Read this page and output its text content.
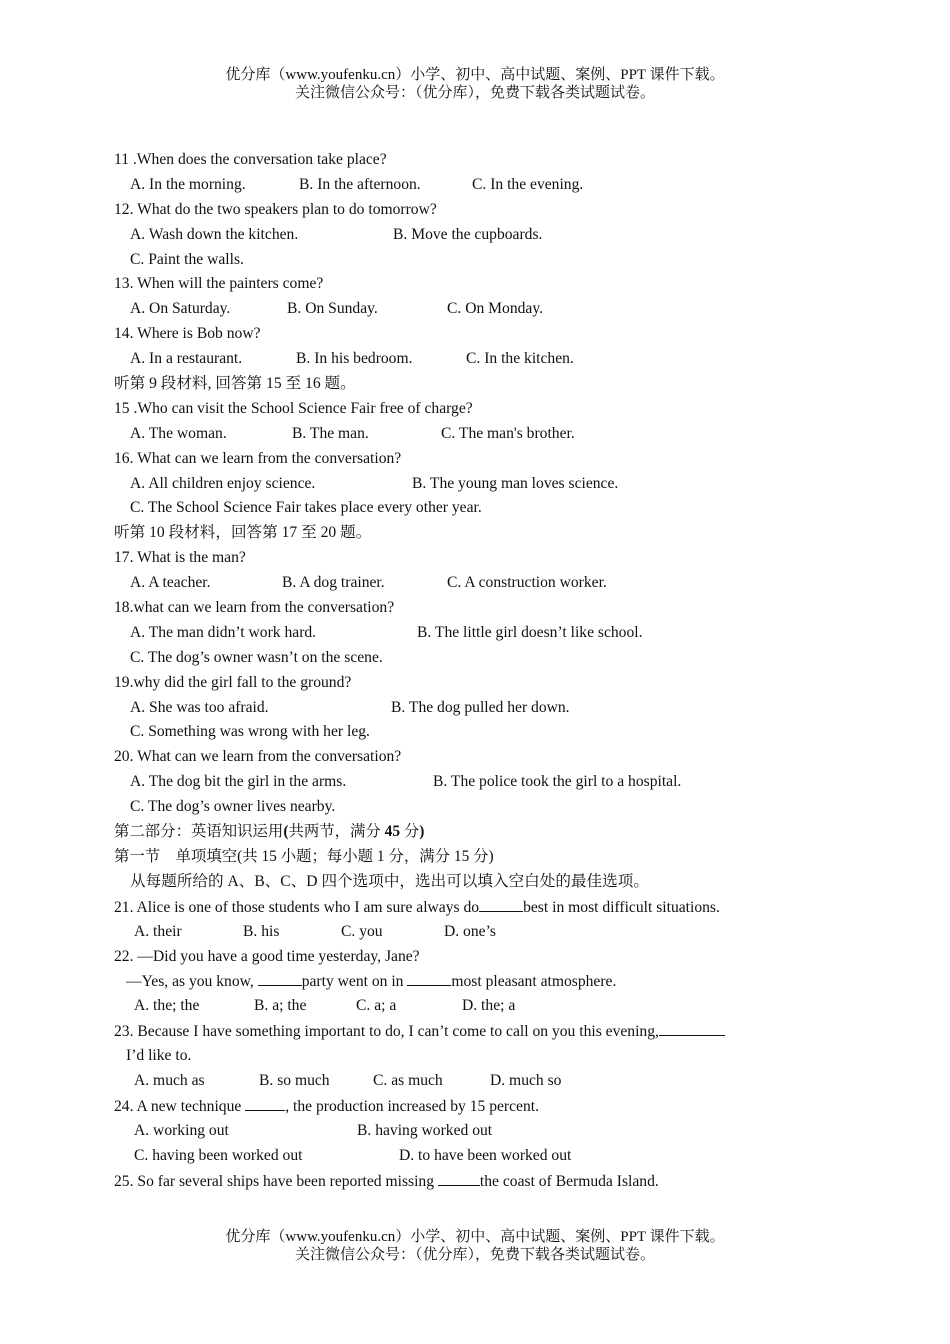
优分库（www.youfenku.cn）小学、初中、高中试题、案例、PPT 课件下载。
关注微信公众号：（优分库），免费下载各类试题试卷。
11 .When does the conversation take place?
A. In the morning.	B. In the afternoon.	C. In the evening.
12. What do the two speakers plan to do tomorrow?
A. Wash down the kitchen.	B. Move the cupboards.
C. Paint the walls.
13. When will the painters come?
A. On Saturday.	B. On Sunday.	C. On Monday.
14. Where is Bob now?
A. In a restaurant.	B. In his bedroom.	C. In the kitchen.
听第 9 段材料, 回答第 15 至 16 题。
15 .Who can visit the School Science Fair free of charge?
A. The woman.	B. The man.	C. The man's brother.
16. What can we learn from the conversation?
A. All children enjoy science.	B. The young man loves science.
C. The School Science Fair takes place every other year.
听第 10 段材料，回答第 17 至 20 题。
17. What is the man?
A. A teacher.	B. A dog trainer.	C. A construction worker.
18.what can we learn from the conversation?
A. The man didn’t work hard.	B. The little girl doesn’t like school.
C. The dog’s owner wasn’t on the scene.
19.why did the girl fall to the ground?
A. She was too afraid.	B. The dog pulled her down.
C. Something was wrong with her leg.
20. What can we learn from the conversation?
A. The dog bit the girl in the arms.	B. The police took the girl to a hospital.
C. The dog’s owner lives nearby.
第二部分：英语知识运用(共两节，满分 45 分)
第一节　单项填空(共 15 小题；每小题 1 分，满分 15 分)
从每题所给的 A、B、C、D 四个选项中，选出可以填入空白处的最佳选项。
21. Alice is one of those students who I am sure always do	best in most difficult situations.
A. their	B. his	C. you	D. one’s
22. —Did you have a good time yesterday, Jane?
—Yes, as you know,	party went on in	most pleasant atmosphere.
A. the; the	B. a; the	C. a; a	D. the; a
23. Because I have something important to do, I can’t come to call on you this evening,
I’d like to.
A. much as	B. so much	C. as much	D. much so
24. A new technique	, the production increased by 15 percent.
A. working out	B. having worked out
C. having been worked out	D. to have been worked out
25. So far several ships have been reported missing	the coast of Bermuda Island.
优分库（www.youfenku.cn）小学、初中、高中试题、案例、PPT 课件下载。
关注微信公众号：（优分库），免费下载各类试题试卷。
